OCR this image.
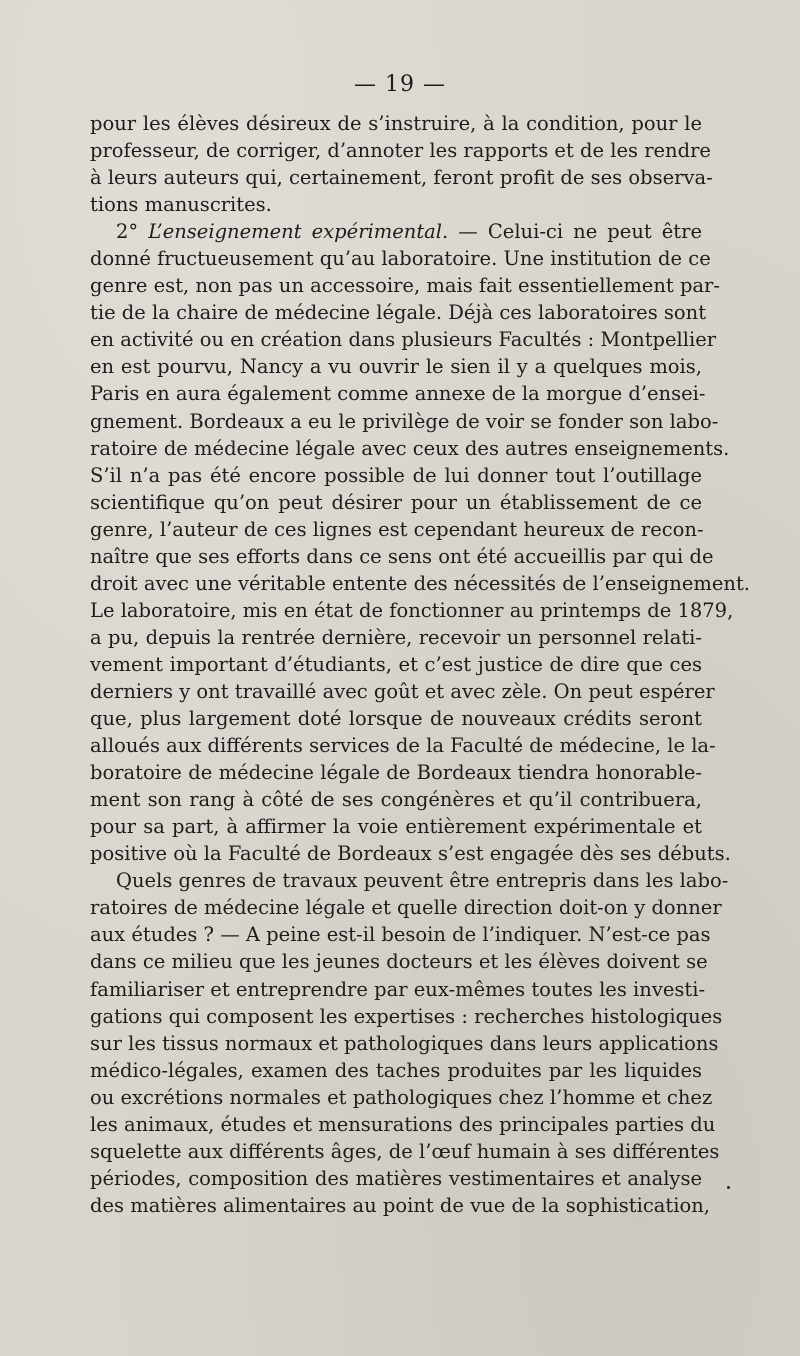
— 19 —
pour les élèves désireux de s’instruire, à la condition, pour le
professeur, de corriger, d’annoter les rapports et de les rendre
à leurs auteurs qui, certainement, feront profit de ses observa-
tions manuscrites.
2° L’enseignement expérimental. — Celui-ci ne peut être
donné fructueusement qu’au laboratoire. Une institution de ce
genre est, non pas un accessoire, mais fait essentiellement par-
tie de la chaire de médecine légale. Déjà ces laboratoires sont
en activité ou en création dans plusieurs Facultés : Montpellier
en est pourvu, Nancy a vu ouvrir le sien il y a quelques mois,
Paris en aura également comme annexe de la morgue d’ensei-
gnement. Bordeaux a eu le privilège de voir se fonder son labo-
ratoire de médecine légale avec ceux des autres enseignements.
S’il n’a pas été encore possible de lui donner tout l’outillage
scientifique qu’on peut désirer pour un établissement de ce
genre, l’auteur de ces lignes est cependant heureux de recon-
naître que ses efforts dans ce sens ont été accueillis par qui de
droit avec une véritable entente des nécessités de l’enseignement.
Le laboratoire, mis en état de fonctionner au printemps de 1879,
a pu, depuis la rentrée dernière, recevoir un personnel relati-
vement important d’étudiants, et c’est justice de dire que ces
derniers y ont travaillé avec goût et avec zèle. On peut espérer
que, plus largement doté lorsque de nouveaux crédits seront
alloués aux différents services de la Faculté de médecine, le la-
boratoire de médecine légale de Bordeaux tiendra honorable-
ment son rang à côté de ses congénères et qu’il contribuera,
pour sa part, à affirmer la voie entièrement expérimentale et
positive où la Faculté de Bordeaux s’est engagée dès ses débuts.
Quels genres de travaux peuvent être entrepris dans les labo-
ratoires de médecine légale et quelle direction doit-on y donner
aux études ? — A peine est-il besoin de l’indiquer. N’est-ce pas
dans ce milieu que les jeunes docteurs et les élèves doivent se
familiariser et entreprendre par eux-mêmes toutes les investi-
gations qui composent les expertises : recherches histologiques
sur les tissus normaux et pathologiques dans leurs applications
médico-légales, examen des taches produites par les liquides
ou excrétions normales et pathologiques chez l’homme et chez
les animaux, études et mensurations des principales parties du
squelette aux différents âges, de l’œuf humain à ses différentes
périodes, composition des matières vestimentaires et analyse
des matières alimentaires au point de vue de la sophistication,
